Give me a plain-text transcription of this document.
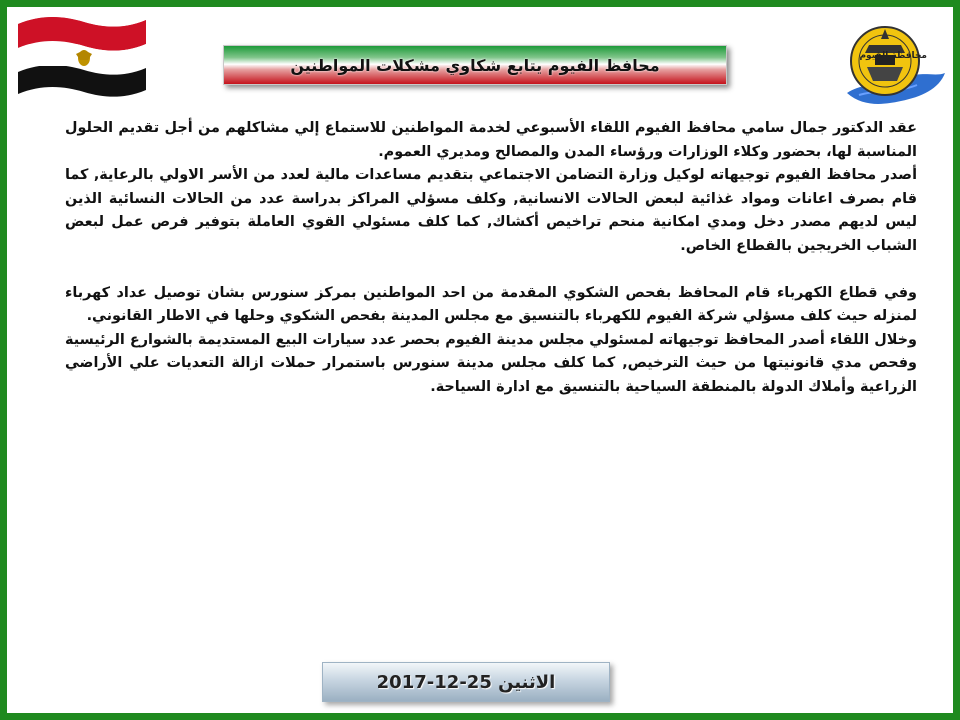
محافظ الفيوم يتابع شكاوي مشكلات المواطنين	محافظة الفيوم

عقد الدكتور جمال سامي محافظ الفيوم اللقاء الأسبوعي لخدمة المواطنين للاستماع إلي مشاكلهم من أجل تقديم الحلول المناسبة لها، بحضور وكلاء الوزارات ورؤساء المدن والمصالح ومديري العموم.

أصدر محافظ الفيوم توجيهاته لوكيل وزارة التضامن الاجتماعي بتقديم مساعدات مالية لعدد من الأسر الاولي بالرعاية, كما قام بصرف اعانات ومواد غذائية لبعض الحالات الانسانية, وكلف مسؤلي المراكز بدراسة عدد من الحالات النسائية الذين ليس لديهم مصدر دخل ومدي امكانية منحم تراخيص أكشاك, كما كلف مسئولي القوي العاملة بتوفير فرص عمل لبعض الشباب الخريجين بالقطاع الخاص.

وفي قطاع الكهرباء قام المحافظ بفحص الشكوي المقدمة من احد المواطنين بمركز سنورس بشان توصيل عداد كهرباء لمنزله حيث كلف مسؤلي شركة الفيوم للكهرباء بالتنسيق مع مجلس المدينة بفحص الشكوي وحلها في الاطار القانوني.

وخلال اللقاء أصدر المحافظ توجيهاته لمسئولي مجلس مدينة الفيوم بحصر عدد سيارات البيع المستديمة بالشوارع الرئيسية وفحص مدي قانونيتها من حيث الترخيص, كما كلف مجلس مدينة سنورس باستمرار حملات ازالة التعديات علي الأراضي الزراعية وأملاك الدولة بالمنطقة السياحية بالتنسيق مع ادارة السياحة.

الاثنين 25-12-2017
